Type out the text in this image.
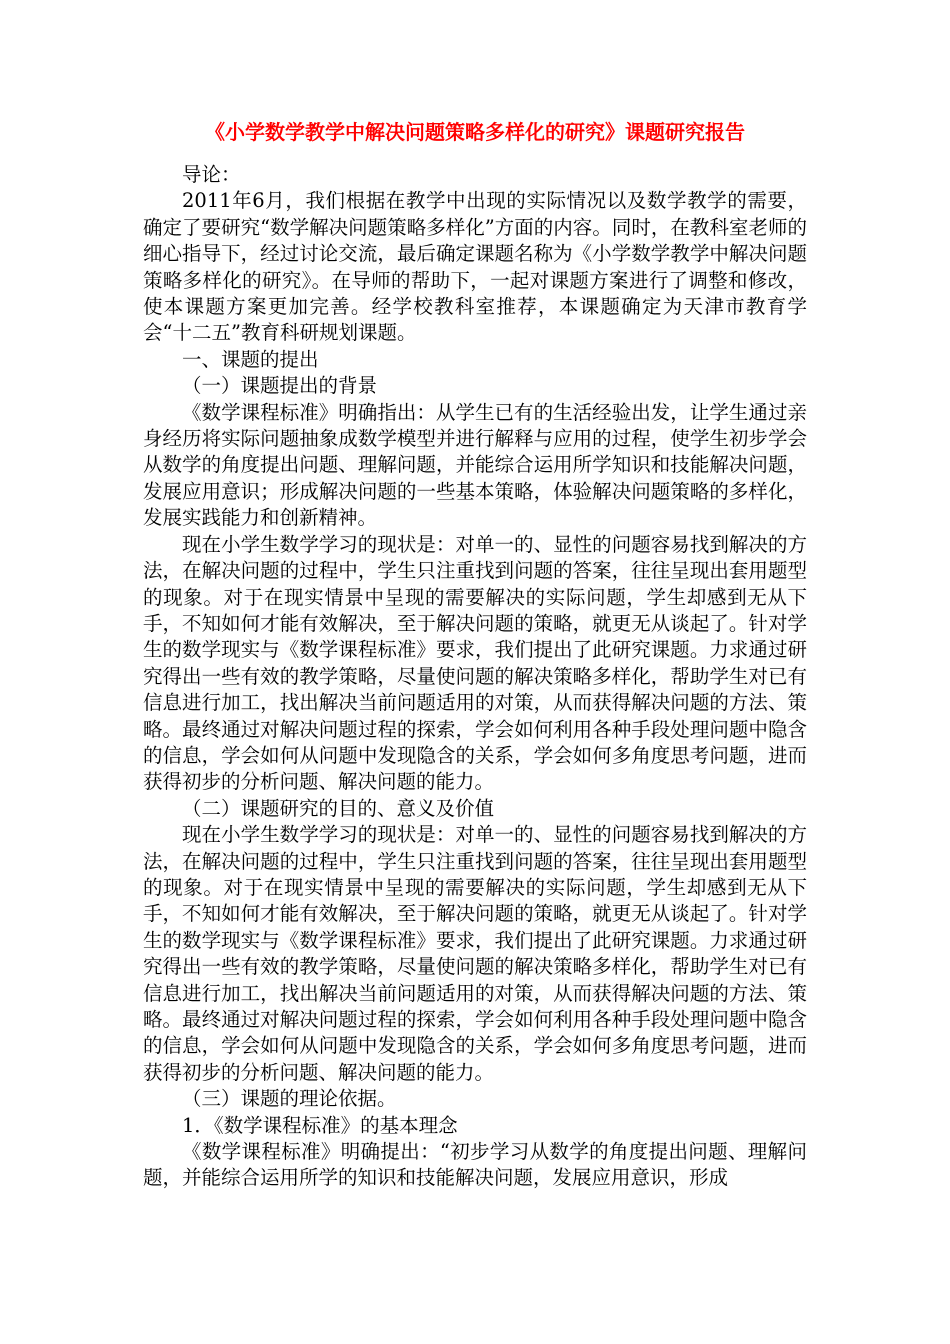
《小学数学教学中解决问题策略多样化的研究》课题研究报告

导论：

2011年6月，我们根据在教学中出现的实际情况以及数学教学的需要，确定了要研究“数学解决问题策略多样化”方面的内容。同时，在教科室老师的细心指导下，经过讨论交流，最后确定课题名称为《小学数学教学中解决问题策略多样化的研究》。在导师的帮助下，一起对课题方案进行了调整和修改，使本课题方案更加完善。经学校教科室推荐，本课题确定为天津市教育学会“十二五”教育科研规划课题。

一、课题的提出

（一）课题提出的背景

《数学课程标准》明确指出：从学生已有的生活经验出发，让学生通过亲身经历将实际问题抽象成数学模型并进行解释与应用的过程，使学生初步学会从数学的角度提出问题、理解问题，并能综合运用所学知识和技能解决问题，发展应用意识；形成解决问题的一些基本策略，体验解决问题策略的多样化，发展实践能力和创新精神。

现在小学生数学学习的现状是：对单一的、显性的问题容易找到解决的方法，在解决问题的过程中，学生只注重找到问题的答案，往往呈现出套用题型的现象。对于在现实情景中呈现的需要解决的实际问题，学生却感到无从下手，不知如何才能有效解决，至于解决问题的策略，就更无从谈起了。针对学生的数学现实与《数学课程标准》要求，我们提出了此研究课题。力求通过研究得出一些有效的教学策略，尽量使问题的解决策略多样化，帮助学生对已有信息进行加工，找出解决当前问题适用的对策，从而获得解决问题的方法、策略。最终通过对解决问题过程的探索，学会如何利用各种手段处理问题中隐含的信息，学会如何从问题中发现隐含的关系，学会如何多角度思考问题，进而获得初步的分析问题、解决问题的能力。

（二）课题研究的目的、意义及价值

现在小学生数学学习的现状是：对单一的、显性的问题容易找到解决的方法，在解决问题的过程中，学生只注重找到问题的答案，往往呈现出套用题型的现象。对于在现实情景中呈现的需要解决的实际问题，学生却感到无从下手，不知如何才能有效解决，至于解决问题的策略，就更无从谈起了。针对学生的数学现实与《数学课程标准》要求，我们提出了此研究课题。力求通过研究得出一些有效的教学策略，尽量使问题的解决策略多样化，帮助学生对已有信息进行加工，找出解决当前问题适用的对策，从而获得解决问题的方法、策略。最终通过对解决问题过程的探索，学会如何利用各种手段处理问题中隐含的信息，学会如何从问题中发现隐含的关系，学会如何多角度思考问题，进而获得初步的分析问题、解决问题的能力。

（三）课题的理论依据。

1．《数学课程标准》的基本理念

《数学课程标准》明确提出：“初步学习从数学的角度提出问题、理解问题，并能综合运用所学的知识和技能解决问题，发展应用意识，形成
